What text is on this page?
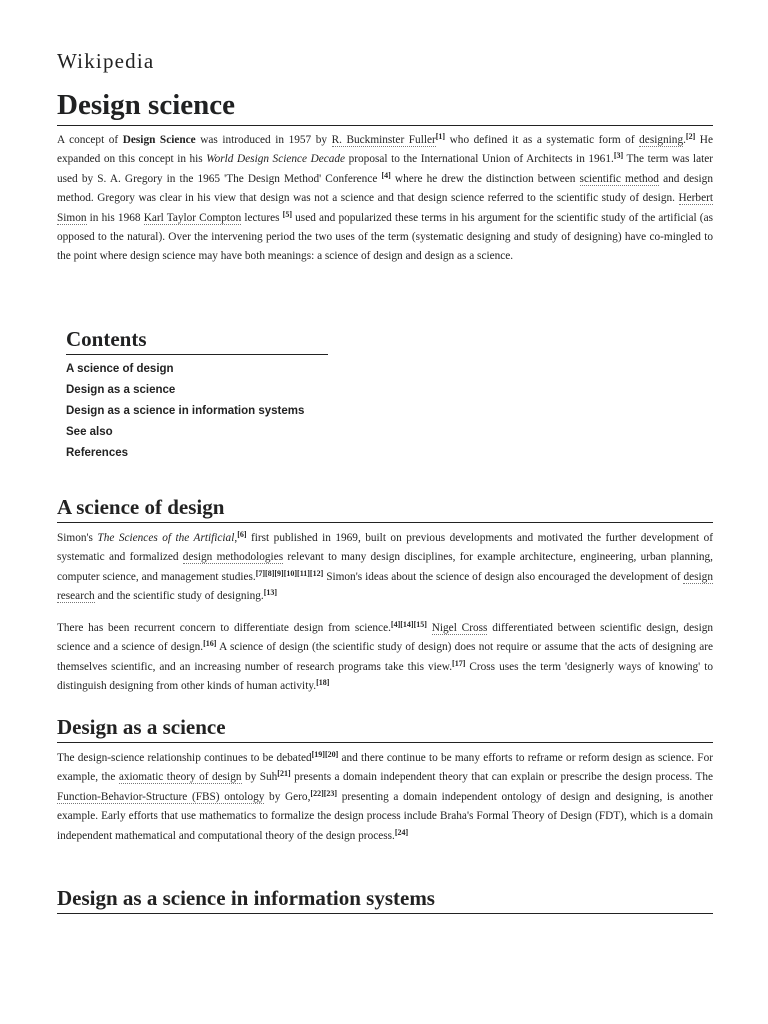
Wikipedia
Design science

A concept of Design Science was introduced in 1957 by R. Buckminster Fuller[1] who defined it as a systematic form of designing.[2] He expanded on this concept in his World Design Science Decade proposal to the International Union of Architects in 1961.[3] The term was later used by S. A. Gregory in the 1965 'The Design Method' Conference [4] where he drew the distinction between scientific method and design method. Gregory was clear in his view that design was not a science and that design science referred to the scientific study of design. Herbert Simon in his 1968 Karl Taylor Compton lectures [5] used and popularized these terms in his argument for the scientific study of the artificial (as opposed to the natural). Over the intervening period the two uses of the term (systematic designing and study of designing) have co-mingled to the point where design science may have both meanings: a science of design and design as a science.

Contents
A science of design
Design as a science
Design as a science in information systems
See also
References
A science of design

Simon's The Sciences of the Artificial,[6] first published in 1969, built on previous developments and motivated the further development of systematic and formalized design methodologies relevant to many design disciplines, for example architecture, engineering, urban planning, computer science, and management studies.[7][8][9][10][11][12] Simon's ideas about the science of design also encouraged the development of design research and the scientific study of designing.[13]

There has been recurrent concern to differentiate design from science.[4][14][15] Nigel Cross differentiated between scientific design, design science and a science of design.[16] A science of design (the scientific study of design) does not require or assume that the acts of designing are themselves scientific, and an increasing number of research programs take this view.[17] Cross uses the term 'designerly ways of knowing' to distinguish designing from other kinds of human activity.[18]

Design as a science

The design-science relationship continues to be debated[19][20] and there continue to be many efforts to reframe or reform design as science. For example, the axiomatic theory of design by Suh[21] presents a domain independent theory that can explain or prescribe the design process. The Function-Behavior-Structure (FBS) ontology by Gero,[22][23] presenting a domain independent ontology of design and designing, is another example. Early efforts that use mathematics to formalize the design process include Braha's Formal Theory of Design (FDT), which is a domain independent mathematical and computational theory of the design process.[24]

Design as a science in information systems
